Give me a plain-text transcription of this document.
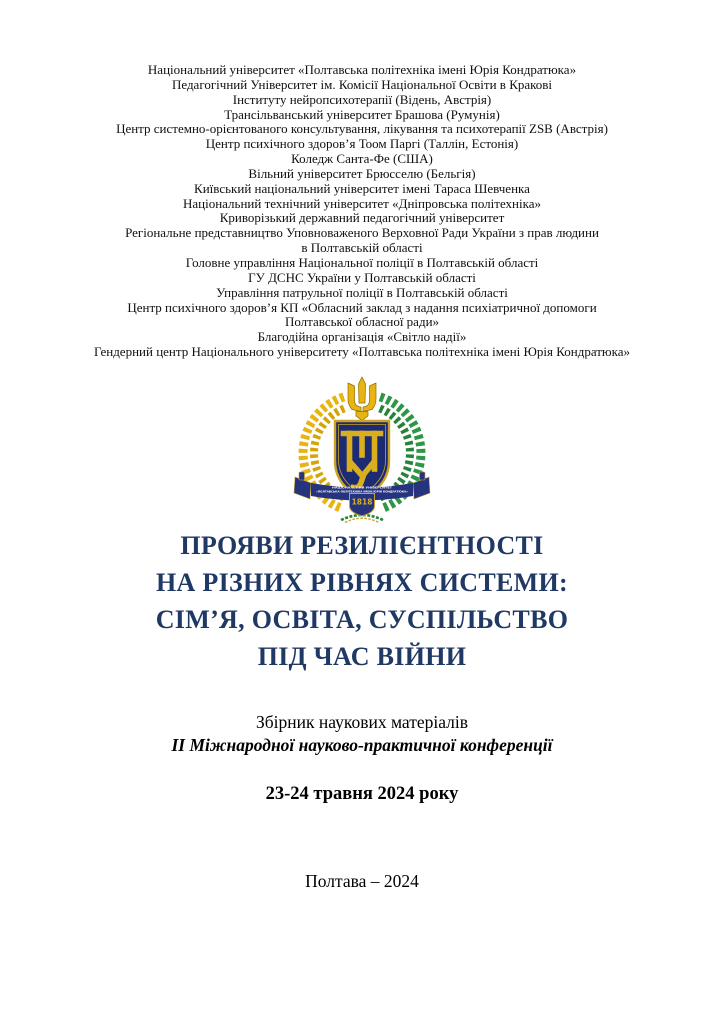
Національний університет «Полтавська політехніка імені Юрія Кондратюка»
Педагогічний Університет ім. Комісії Національної Освіти в Кракові
Інституту нейропсихотерапії (Відень, Австрія)
Трансільванський університет Брашова (Румунія)
Центр системно-орієнтованого консультування, лікування та психотерапії ZSB (Австрія)
Центр психічного здоров’я Тоом Паргі (Таллін, Естонія)
Коледж Санта-Фе (США)
Вільний університет Брюсселю (Бельгія)
Київський національний університет імені Тараса Шевченка
Національний технічний університет «Дніпровська політехніка»
Криворізький державний педагогічний університет
Регіональне представництво Уповноваженого Верховної Ради України з прав людини
в Полтавській області
Головне управління Національної поліції в Полтавській області
ГУ ДСНС України у Полтавській області
Управління патрульної поліції в Полтавській області
Центр психічного здоров’я КП «Обласний заклад з надання психіатричної допомоги
Полтавської обласної ради»
Благодійна організація «Світло надії»
Гендерний центр Національного університету «Полтавська політехніка імені Юрія Кондратюка»
НАЦІОНАЛЬНИЙ УНІВЕРСИТЕТ
«ПОЛТАВСЬКА ПОЛІТЕХНІКА ІМЕНІ ЮРІЯ КОНДРАТЮКА»
1818
ПРОЯВИ РЕЗИЛІЄНТНОСТІ
НА РІЗНИХ РІВНЯХ СИСТЕМИ:
СІМ’Я, ОСВІТА, СУСПІЛЬСТВО
ПІД ЧАС ВІЙНИ
Збірник наукових матеріалів
ІІ Міжнародної науково-практичної конференції
23-24 травня 2024 року
Полтава – 2024
